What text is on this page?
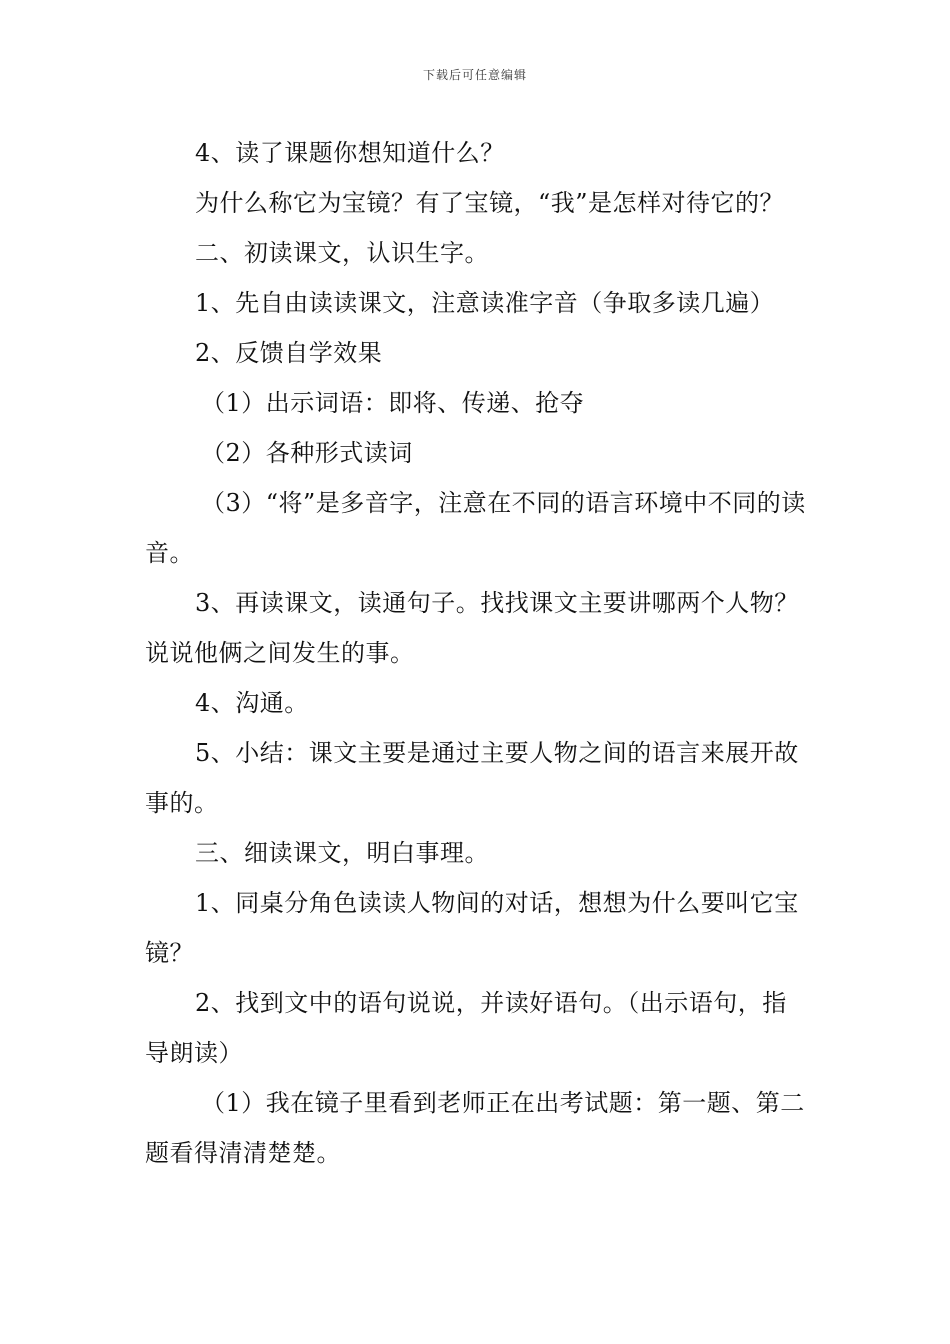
下载后可任意编辑

4、读了课题你想知道什么？

为什么称它为宝镜？有了宝镜，“我”是怎样对待它的？

二、初读课文，认识生字。

1、先自由读读课文，注意读准字音（争取多读几遍）

2、反馈自学效果

（1）出示词语：即将、传递、抢夺

（2）各种形式读词

（3）“将”是多音字，注意在不同的语言环境中不同的读音。

3、再读课文，读通句子。找找课文主要讲哪两个人物？说说他俩之间发生的事。

4、沟通。

5、小结：课文主要是通过主要人物之间的语言来展开故事的。

三、细读课文，明白事理。

1、同桌分角色读读人物间的对话，想想为什么要叫它宝镜？

2、找到文中的语句说说，并读好语句。（出示语句，指导朗读）

（1）我在镜子里看到老师正在出考试题：第一题、第二题看得清清楚楚。
